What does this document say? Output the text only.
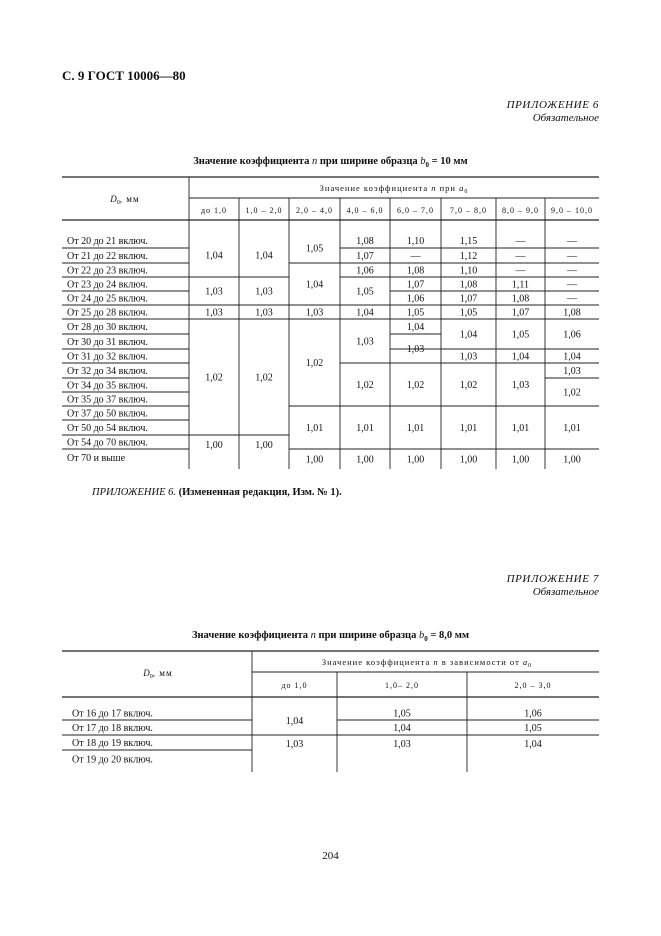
С. 9 ГОСТ 10006—80
ПРИЛОЖЕНИЕ 6
Обязательное
Значение коэффициента n при ширине образца $b_0 = 10$ мм
$D_0$, мм
Значение коэффициента n при $a_0$
до 1,0 1,0 – 2,0 2,0 – 4,0 4,0 – 6,0 6,0 – 7,0 7,0 – 8,0 8,0 – 9,0 9,0 – 10,0
От 20 до 21 включ.
От 21 до 22 включ.
От 22 до 23 включ.
От 23 до 24 включ.
От 24 до 25 включ.
От 25 до 28 включ.
От 28 до 30 включ.
От 30 до 31 включ.
От 31 до 32 включ.
От 32 до 34 включ.
От 34 до 35 включ.
От 35 до 37 включ.
От 37 до 50 включ.
От 50 до 54 включ.
От 54 до 70 включ.
От 70 и выше
1,04
1,03
1,03
1,02
1,00
1,04
1,03
1,03
1,02
1,00
1,05
1,04
1,03
1,02
1,01
1,00
1,08
1,07
1,06
1,05
1,04
1,03
1,02
1,01
1,00
1,10
—
1,08
1,07
1,06
1,05
1,04
1,03
1,02
1,01
1,00
1,15
1,12
1,10
1,08
1,07
1,05
1,04
1,03
1,02
1,01
1,00
—
—
—
1,11
1,08
1,07
1,05
1,04
1,03
1,01
1,00
—
—
—
—
—
1,08
1,06
1,04
1,03
1,02
1,01
1,00
ПРИЛОЖЕНИЕ 6. (Измененная редакция, Изм. № 1).
ПРИЛОЖЕНИЕ 7
Обязательное
Значение коэффициента n при ширине образца $b_0 = 8,0$ мм
$D_0$, мм
Значение коэффициента n в зависимости от $a_0$
до 1,0	1,0– 2,0	2,0 – 3,0
От 16 до 17 включ.
От 17 до 18 включ.
От 18 до 19 включ.
От 19 до 20 включ.
1,04
1,03
1,05
1,04
1,03
1,06
1,05
1,04
204
